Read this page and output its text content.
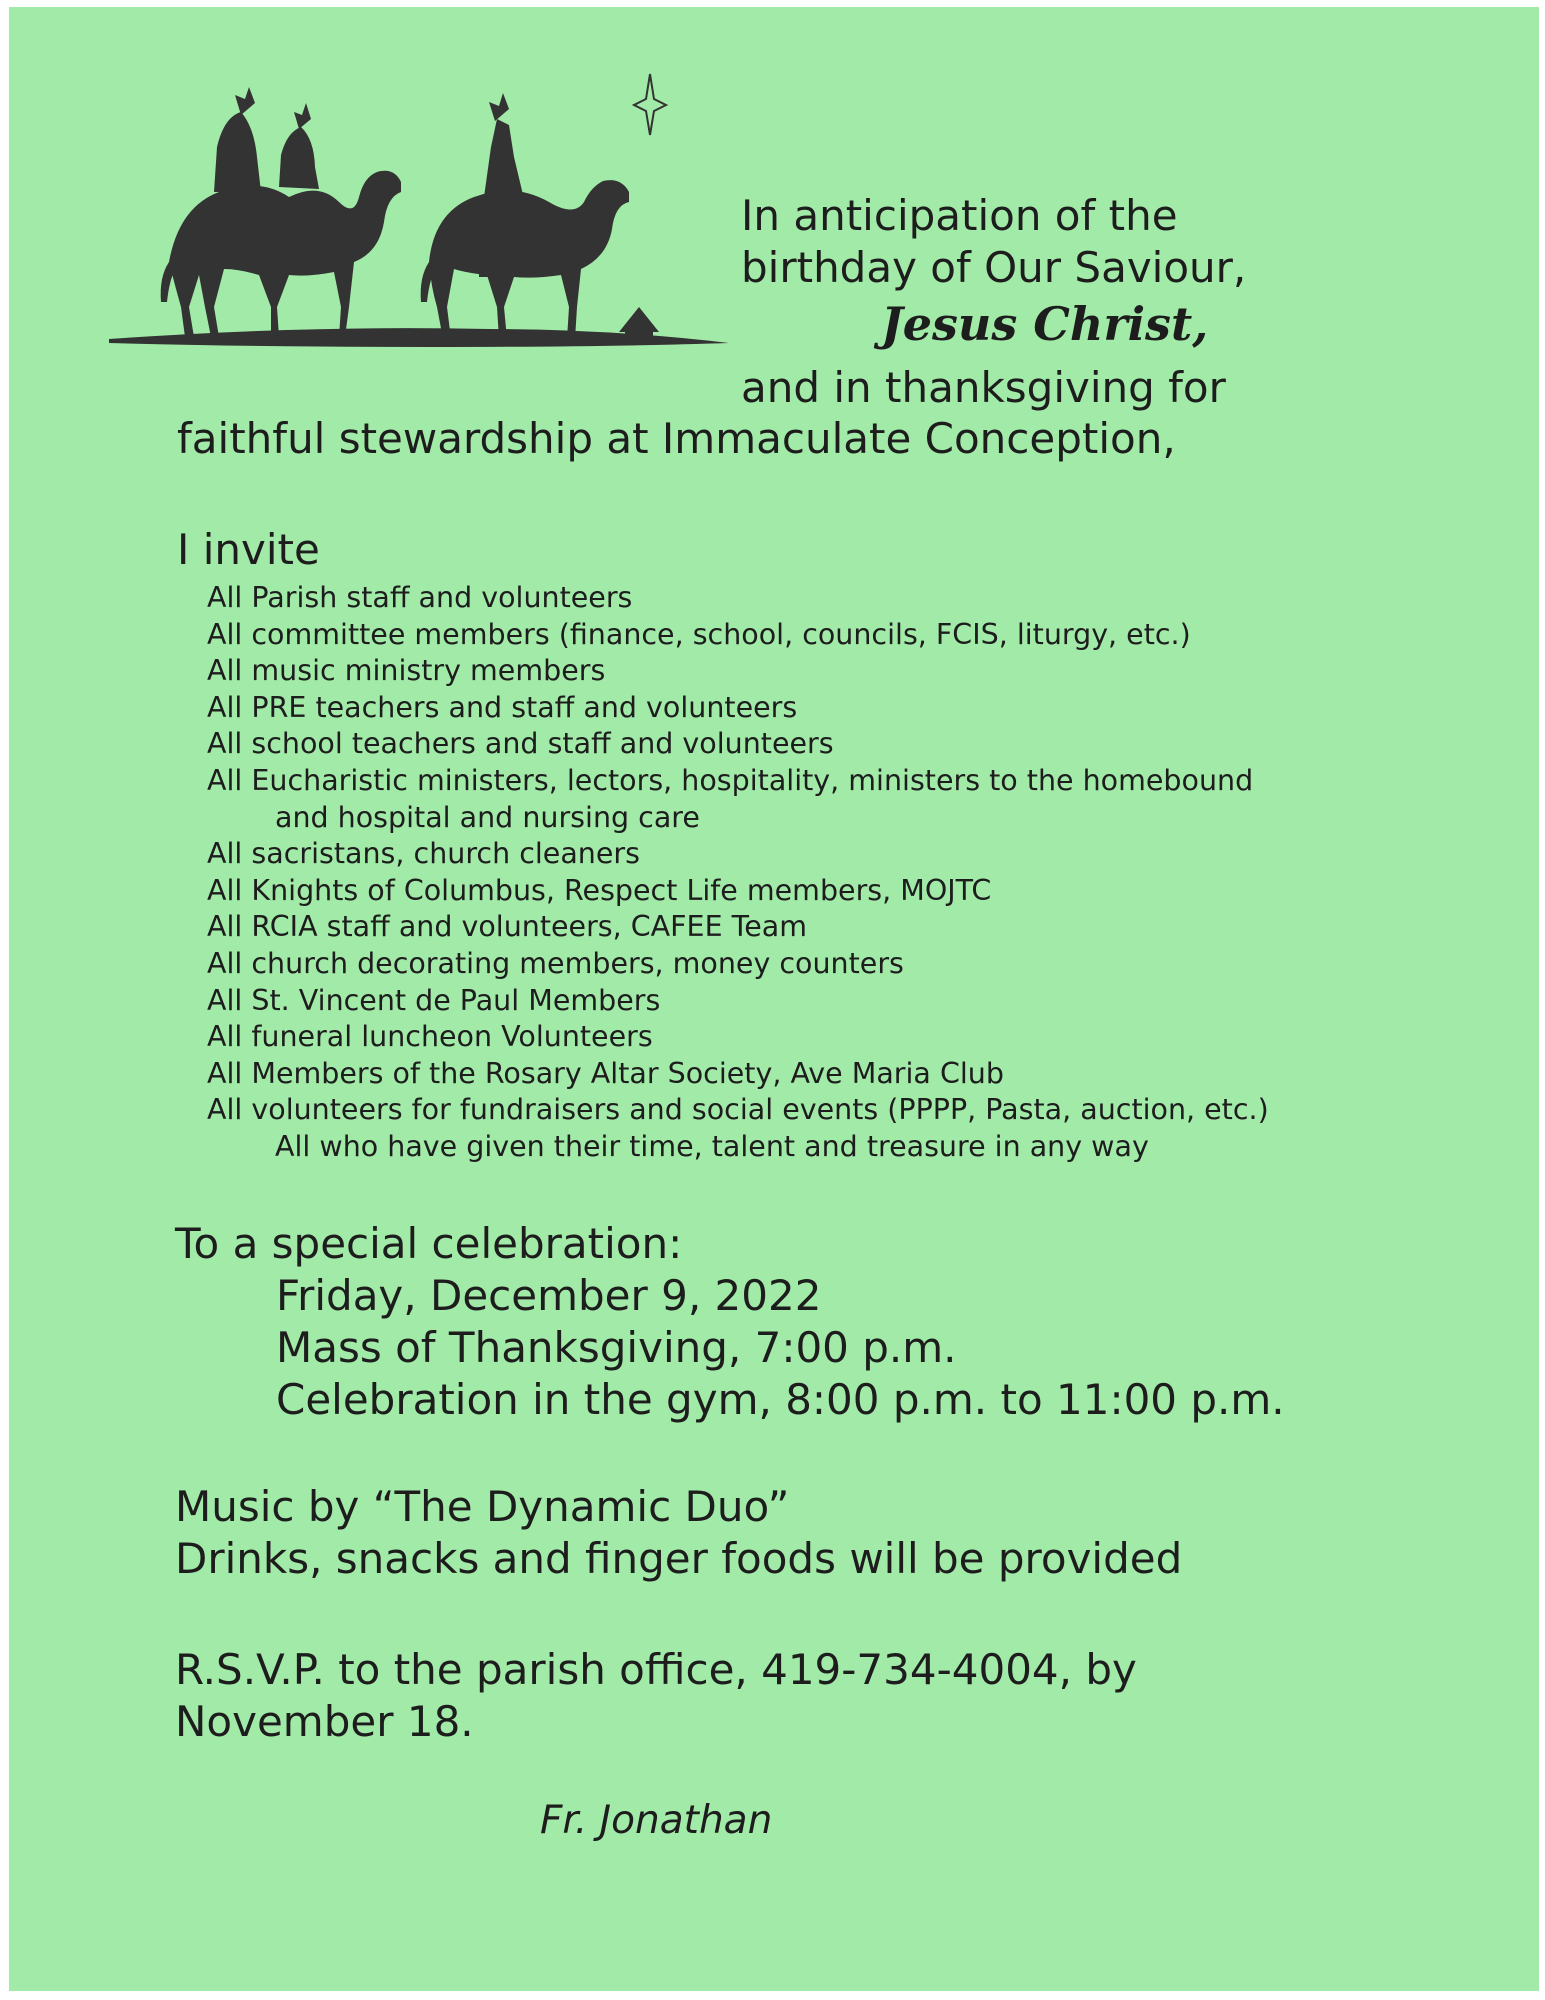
In anticipation of the
birthday of Our Saviour,
Jesus Christ,
and in thanksgiving for
faithful stewardship at Immaculate Conception,
I invite
All Parish staff and volunteers
All committee members (finance, school, councils, FCIS, liturgy, etc.)
All music ministry members
All PRE teachers and staff and volunteers
All school teachers and staff and volunteers
All Eucharistic ministers, lectors, hospitality, ministers to the homebound
and hospital and nursing care
All sacristans, church cleaners
All Knights of Columbus, Respect Life members, MOJTC
All RCIA staff and volunteers, CAFEE Team
All church decorating members, money counters
All St. Vincent de Paul Members
All funeral luncheon Volunteers
All Members of the Rosary Altar Society, Ave Maria Club
All volunteers for fundraisers and social events (PPPP, Pasta, auction, etc.)
All who have given their time, talent and treasure in any way
To a special celebration:
Friday, December 9, 2022
Mass of Thanksgiving, 7:00 p.m.
Celebration in the gym, 8:00 p.m. to 11:00 p.m.
Music by “The Dynamic Duo”
Drinks, snacks and finger foods will be provided
R.S.V.P. to the parish office, 419-734-4004, by
November 18.
Fr. Jonathan
